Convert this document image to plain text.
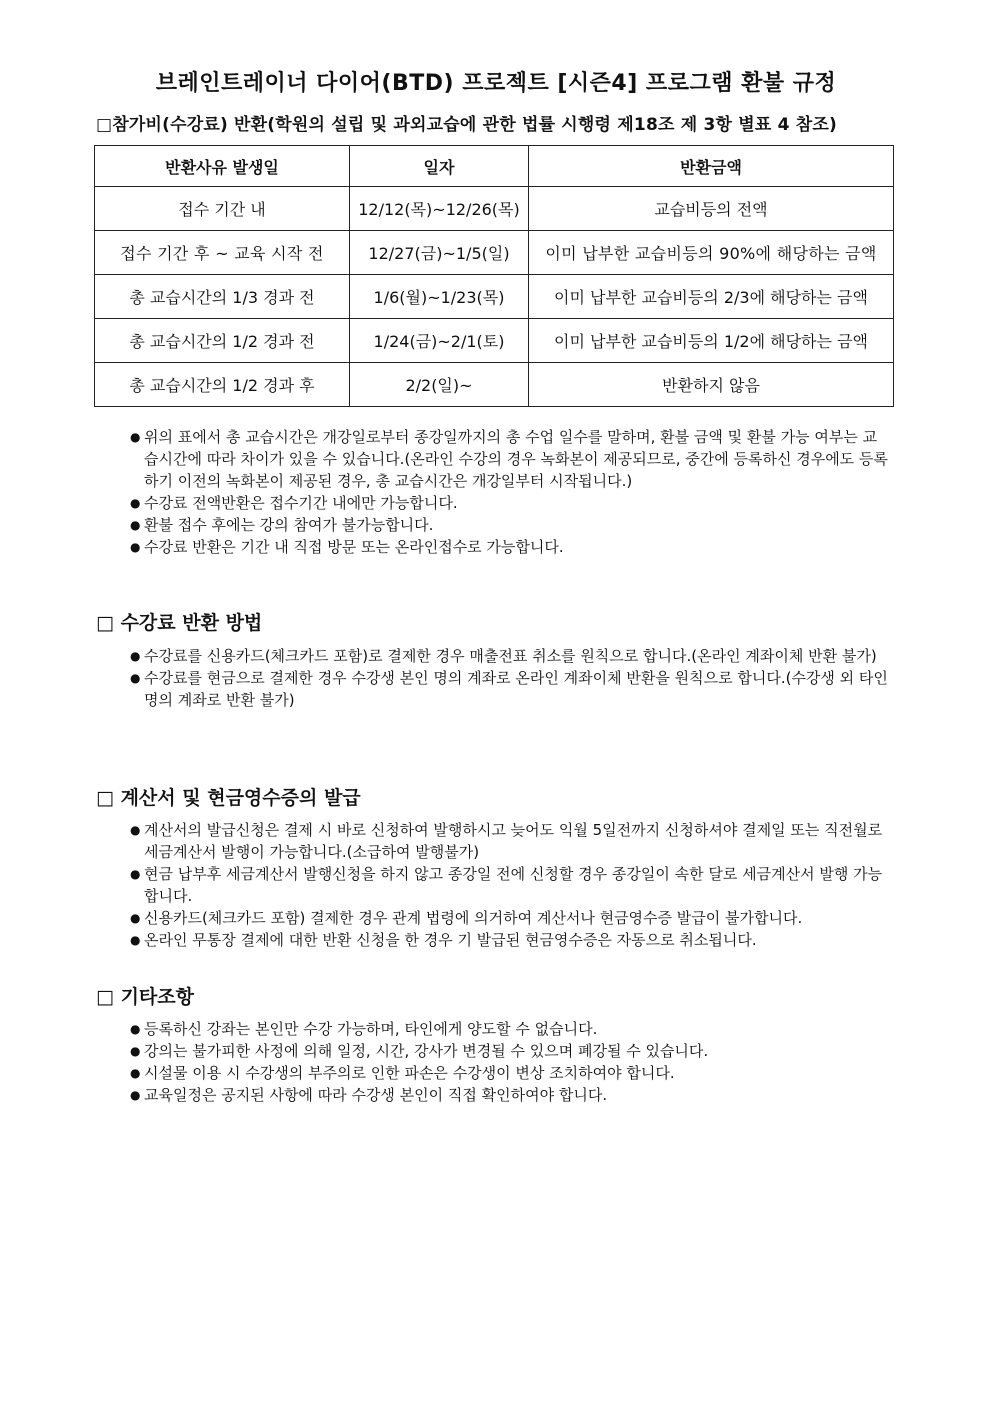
브레인트레이너 다이어(BTD) 프로젝트 [시즌4] 프로그램 환불 규정
□참가비(수강료) 반환(학원의 설립 및 과외교습에 관한 법률 시행령 제18조 제 3항 별표 4 참조)
반환사유 발생일	일자	반환금액
접수 기간 내	12/12(목)~12/26(목)	교습비등의 전액
접수 기간 후 ~ 교육 시작 전	12/27(금)~1/5(일)	이미 납부한 교습비등의 90%에 해당하는 금액
총 교습시간의 1/3 경과 전	1/6(월)~1/23(목)	이미 납부한 교습비등의 2/3에 해당하는 금액
총 교습시간의 1/2 경과 전	1/24(금)~2/1(토)	이미 납부한 교습비등의 1/2에 해당하는 금액
총 교습시간의 1/2 경과 후	2/2(일)~	반환하지 않음
● 위의 표에서 총 교습시간은 개강일로부터 종강일까지의 총 수업 일수를 말하며, 환불 금액 및 환불 가능 여부는 교습시간에 따라 차이가 있을 수 있습니다.(온라인 수강의 경우 녹화본이 제공되므로, 중간에 등록하신 경우에도 등록하기 이전의 녹화본이 제공된 경우, 총 교습시간은 개강일부터 시작됩니다.)
● 수강료 전액반환은 접수기간 내에만 가능합니다.
● 환불 접수 후에는 강의 참여가 불가능합니다.
● 수강료 반환은 기간 내 직접 방문 또는 온라인접수로 가능합니다.
□ 수강료 반환 방법
● 수강료를 신용카드(체크카드 포함)로 결제한 경우 매출전표 취소를 원칙으로 합니다.(온라인 계좌이체 반환 불가)
● 수강료를 현금으로 결제한 경우 수강생 본인 명의 계좌로 온라인 계좌이체 반환을 원칙으로 합니다.(수강생 외 타인 명의 계좌로 반환 불가)
□ 계산서 및 현금영수증의 발급
● 계산서의 발급신청은 결제 시 바로 신청하여 발행하시고 늦어도 익월 5일전까지 신청하셔야 결제일 또는 직전월로 세금계산서 발행이 가능합니다.(소급하여 발행불가)
● 현금 납부후 세금계산서 발행신청을 하지 않고 종강일 전에 신청할 경우 종강일이 속한 달로 세금계산서 발행 가능합니다.
● 신용카드(체크카드 포함) 결제한 경우 관계 법령에 의거하여 계산서나 현금영수증 발급이 불가합니다.
● 온라인 무통장 결제에 대한 반환 신청을 한 경우 기 발급된 현금영수증은 자동으로 취소됩니다.
□ 기타조항
● 등록하신 강좌는 본인만 수강 가능하며, 타인에게 양도할 수 없습니다.
● 강의는 불가피한 사정에 의해 일정, 시간, 강사가 변경될 수 있으며 폐강될 수 있습니다.
● 시설물 이용 시 수강생의 부주의로 인한 파손은 수강생이 변상 조치하여야 합니다.
● 교육일정은 공지된 사항에 따라 수강생 본인이 직접 확인하여야 합니다.
